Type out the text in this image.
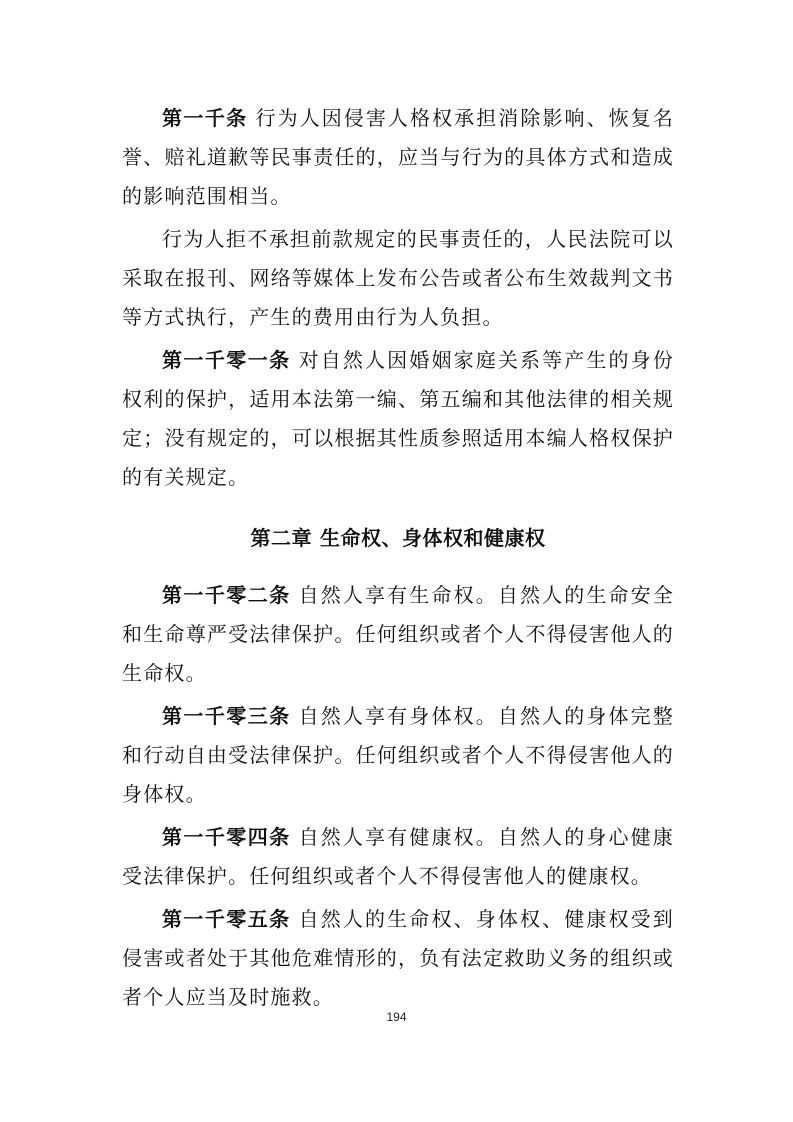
第一千条 行为人因侵害人格权承担消除影响、恢复名誉、赔礼道歉等民事责任的，应当与行为的具体方式和造成的影响范围相当。

行为人拒不承担前款规定的民事责任的，人民法院可以采取在报刊、网络等媒体上发布公告或者公布生效裁判文书等方式执行，产生的费用由行为人负担。

第一千零一条 对自然人因婚姻家庭关系等产生的身份权利的保护，适用本法第一编、第五编和其他法律的相关规定；没有规定的，可以根据其性质参照适用本编人格权保护的有关规定。

第二章 生命权、身体权和健康权

第一千零二条 自然人享有生命权。自然人的生命安全和生命尊严受法律保护。任何组织或者个人不得侵害他人的生命权。

第一千零三条 自然人享有身体权。自然人的身体完整和行动自由受法律保护。任何组织或者个人不得侵害他人的身体权。

第一千零四条 自然人享有健康权。自然人的身心健康受法律保护。任何组织或者个人不得侵害他人的健康权。

第一千零五条 自然人的生命权、身体权、健康权受到侵害或者处于其他危难情形的，负有法定救助义务的组织或者个人应当及时施救。

194
